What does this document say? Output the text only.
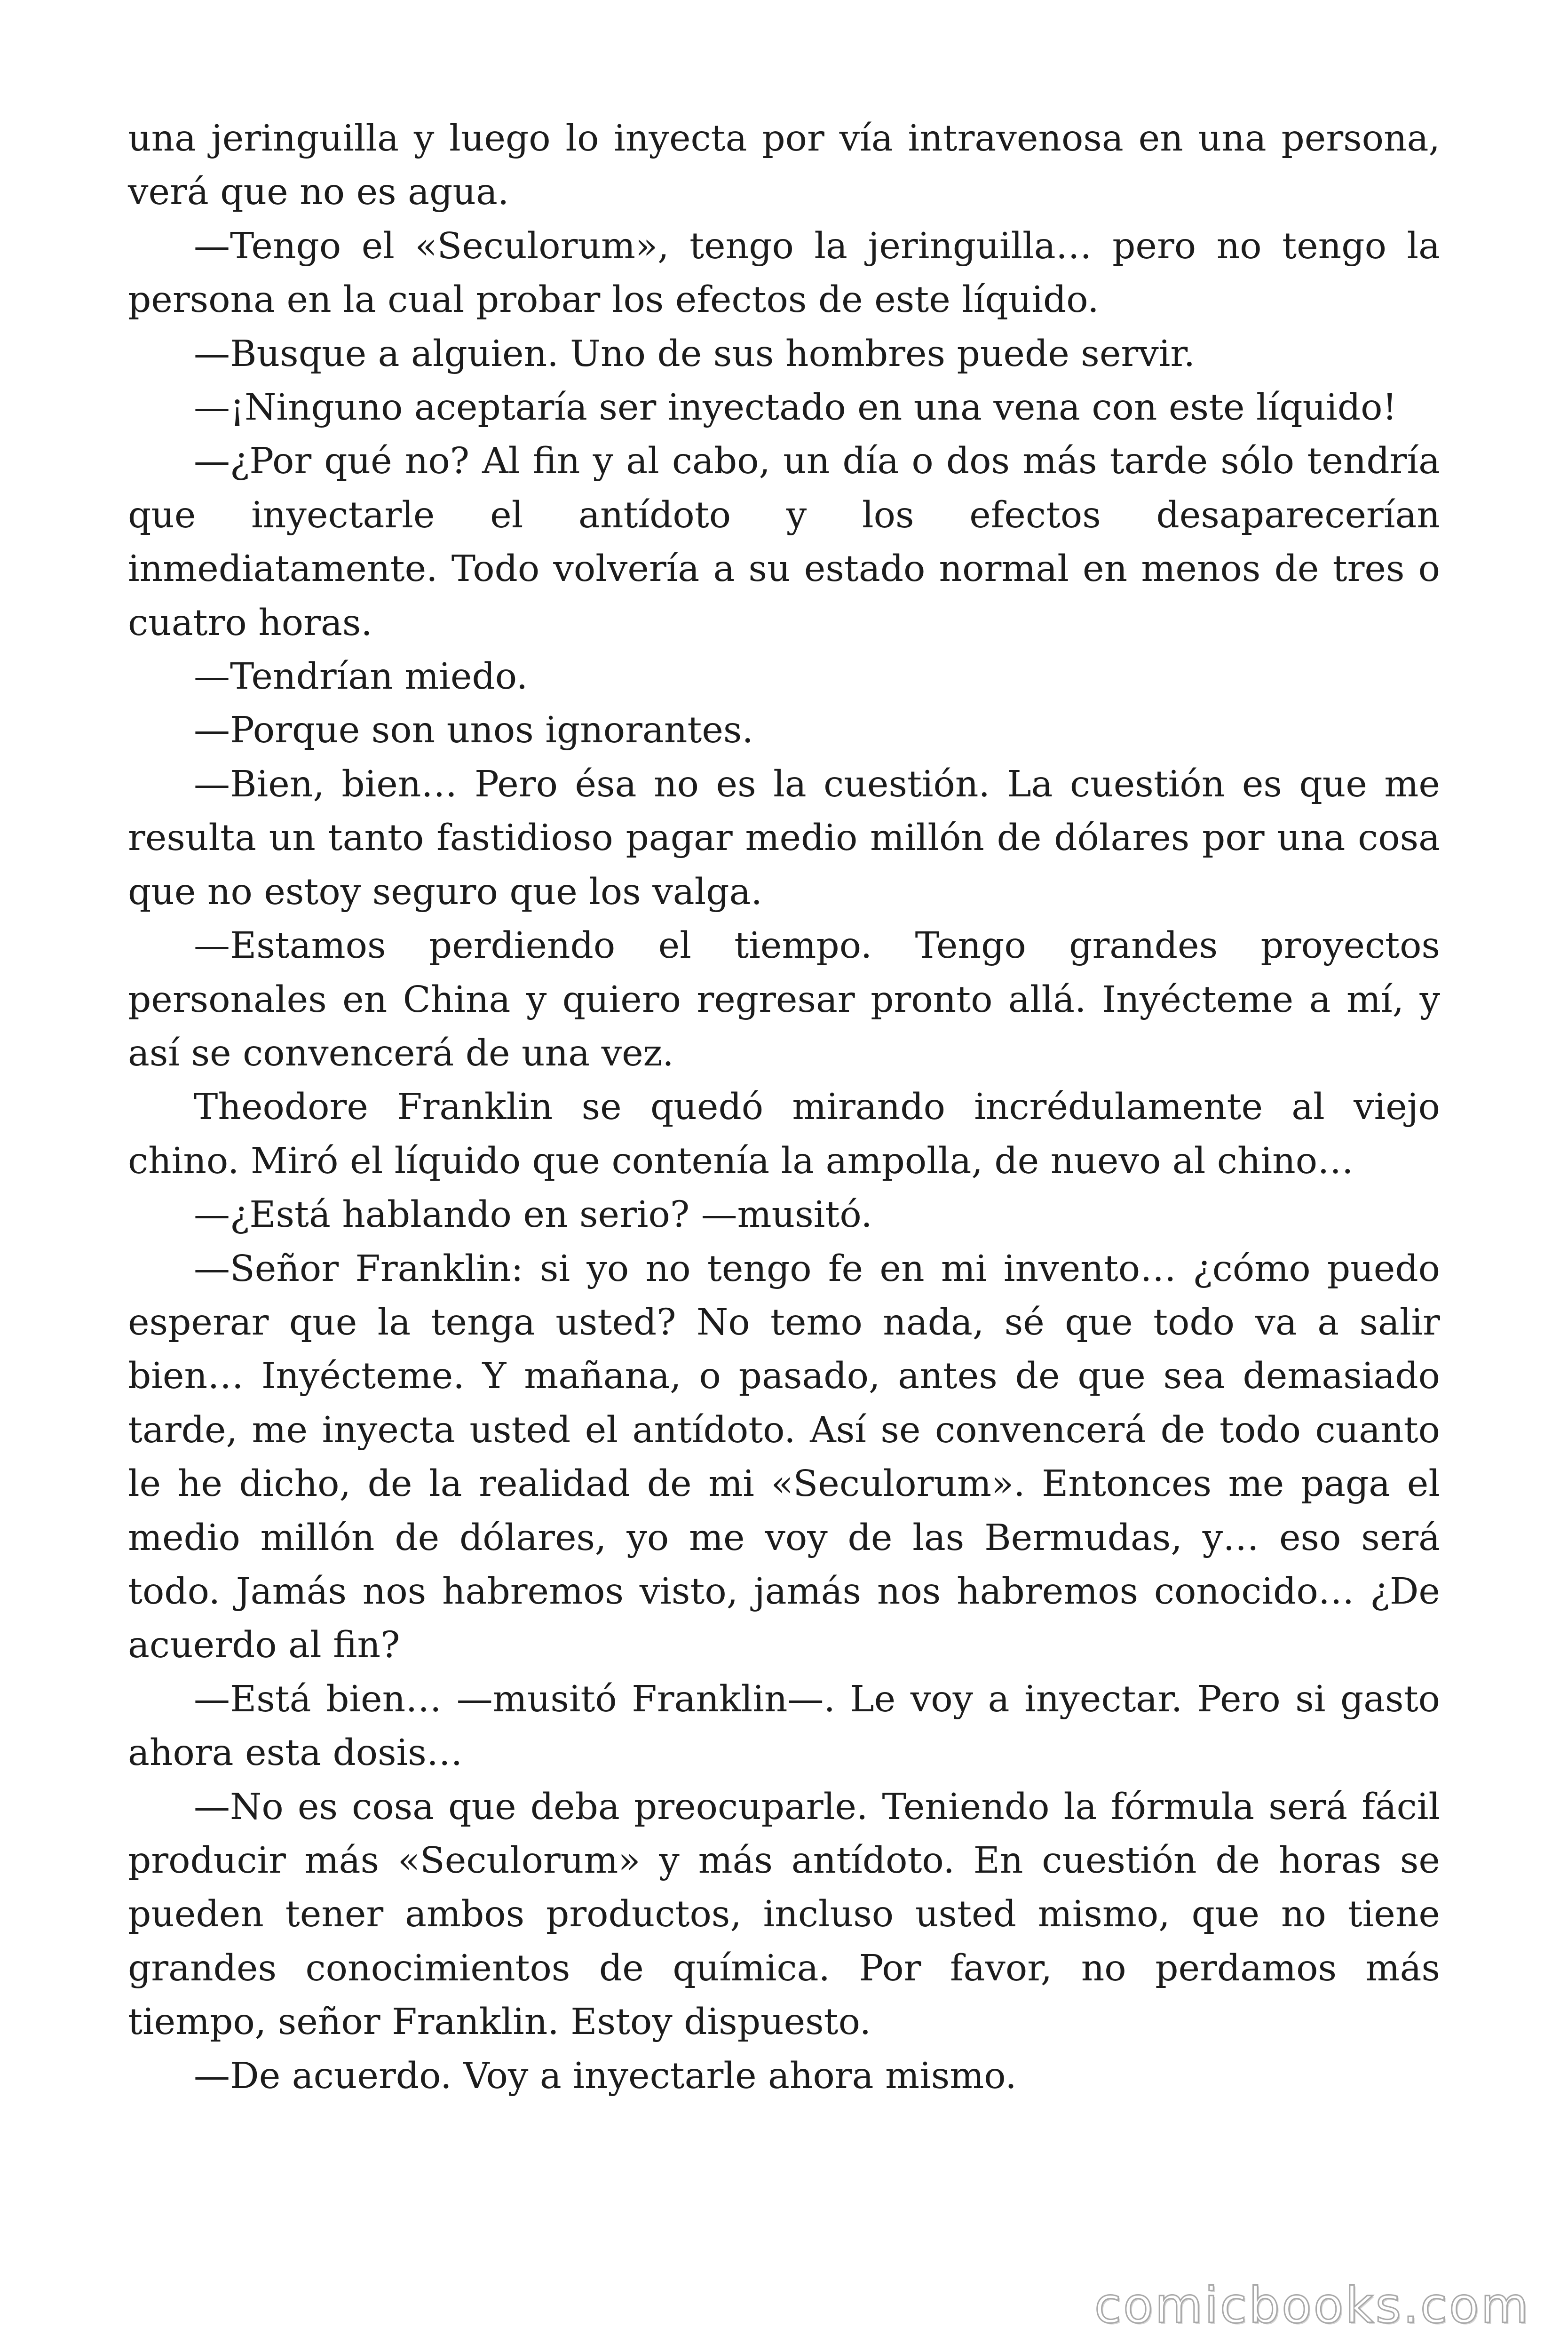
una jeringuilla y luego lo inyecta por vía intravenosa en una persona, verá que no es agua.

—Tengo el «Seculorum», tengo la jeringuilla… pero no tengo la persona en la cual probar los efectos de este líquido.

—Busque a alguien. Uno de sus hombres puede servir.

—¡Ninguno aceptaría ser inyectado en una vena con este líquido!

—¿Por qué no? Al fin y al cabo, un día o dos más tarde sólo tendría que inyectarle el antídoto y los efectos desaparecerían inmediatamente. Todo volvería a su estado normal en menos de tres o cuatro horas.

—Tendrían miedo.

—Porque son unos ignorantes.

—Bien, bien… Pero ésa no es la cuestión. La cuestión es que me resulta un tanto fastidioso pagar medio millón de dólares por una cosa que no estoy seguro que los valga.

—Estamos perdiendo el tiempo. Tengo grandes proyectos personales en China y quiero regresar pronto allá. Inyécteme a mí, y así se convencerá de una vez.

Theodore Franklin se quedó mirando incrédulamente al viejo chino. Miró el líquido que contenía la ampolla, de nuevo al chino…

—¿Está hablando en serio? —musitó.

—Señor Franklin: si yo no tengo fe en mi invento… ¿cómo puedo esperar que la tenga usted? No temo nada, sé que todo va a salir bien… Inyécteme. Y mañana, o pasado, antes de que sea demasiado tarde, me inyecta usted el antídoto. Así se convencerá de todo cuanto le he dicho, de la realidad de mi «Seculorum». Entonces me paga el medio millón de dólares, yo me voy de las Bermudas, y… eso será todo. Jamás nos habremos visto, jamás nos habremos conocido… ¿De acuerdo al fin?

—Está bien… —musitó Franklin—. Le voy a inyectar. Pero si gasto ahora esta dosis…

—No es cosa que deba preocuparle. Teniendo la fórmula será fácil producir más «Seculorum» y más antídoto. En cuestión de horas se pueden tener ambos productos, incluso usted mismo, que no tiene grandes conocimientos de química. Por favor, no perdamos más tiempo, señor Franklin. Estoy dispuesto.

—De acuerdo. Voy a inyectarle ahora mismo.

comicbooks.com
